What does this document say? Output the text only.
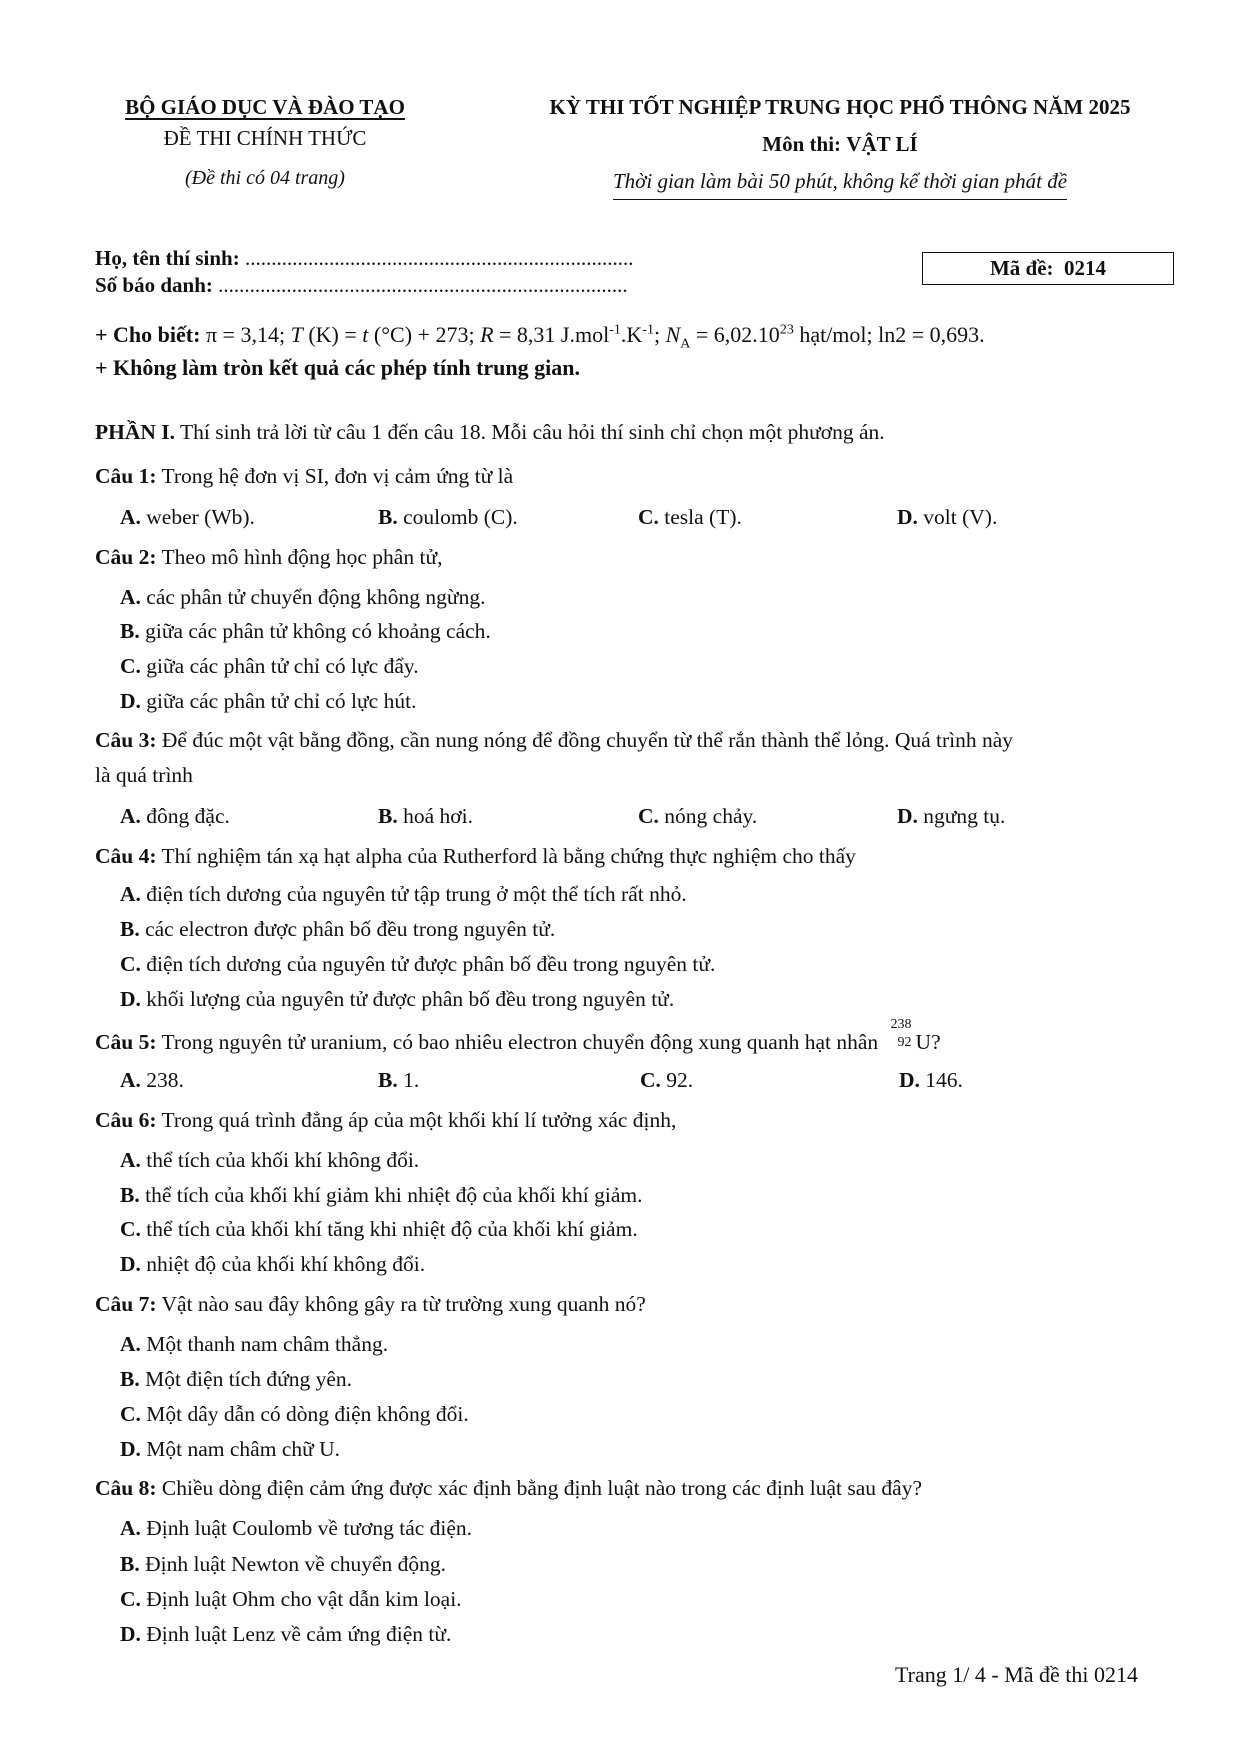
BỘ GIÁO DỤC VÀ ĐÀO TẠO
ĐỀ THI CHÍNH THỨC
(Đề thi có 04 trang)
KỲ THI TỐT NGHIỆP TRUNG HỌC PHỔ THÔNG NĂM 2025
Môn thi: VẬT LÍ
Thời gian làm bài 50 phút, không kể thời gian phát đề
Họ, tên thí sinh: ..........................................................................
Số báo danh: ..............................................................................
Mã đề: 0214
+ Cho biết: π = 3,14; T (K) = t (°C) + 273; R = 8,31 $J.mol^{-1}.K^{-1}$; $N_A = 6,02.10^{23}$ hạt/mol; ln2 = 0,693.
+ Không làm tròn kết quả các phép tính trung gian.
PHẦN I. Thí sinh trả lời từ câu 1 đến câu 18. Mỗi câu hỏi thí sinh chỉ chọn một phương án.
Câu 1: Trong hệ đơn vị SI, đơn vị cảm ứng từ là
A. weber (Wb).	B. coulomb (C).	C. tesla (T).	D. volt (V).
Câu 2: Theo mô hình động học phân tử,
A. các phân tử chuyển động không ngừng.
B. giữa các phân tử không có khoảng cách.
C. giữa các phân tử chỉ có lực đẩy.
D. giữa các phân tử chỉ có lực hút.
Câu 3: Để đúc một vật bằng đồng, cần nung nóng để đồng chuyển từ thể rắn thành thể lỏng. Quá trình này
là quá trình
A. đông đặc.	B. hoá hơi.	C. nóng chảy.	D. ngưng tụ.
Câu 4: Thí nghiệm tán xạ hạt alpha của Rutherford là bằng chứng thực nghiệm cho thấy
A. điện tích dương của nguyên tử tập trung ở một thể tích rất nhỏ.
B. các electron được phân bố đều trong nguyên tử.
C. điện tích dương của nguyên tử được phân bố đều trong nguyên tử.
D. khối lượng của nguyên tử được phân bố đều trong nguyên tử.
Câu 5: Trong nguyên tử uranium, có bao nhiêu electron chuyển động xung quanh hạt nhân
238
92 U?
A. 238.	B. 1.	C. 92.	D. 146.
Câu 6: Trong quá trình đẳng áp của một khối khí lí tưởng xác định,
A. thể tích của khối khí không đổi.
B. thể tích của khối khí giảm khi nhiệt độ của khối khí giảm.
C. thể tích của khối khí tăng khi nhiệt độ của khối khí giảm.
D. nhiệt độ của khối khí không đổi.
Câu 7: Vật nào sau đây không gây ra từ trường xung quanh nó?
A. Một thanh nam châm thẳng.
B. Một điện tích đứng yên.
C. Một dây dẫn có dòng điện không đổi.
D. Một nam châm chữ U.
Câu 8: Chiều dòng điện cảm ứng được xác định bằng định luật nào trong các định luật sau đây?
A. Định luật Coulomb về tương tác điện.
B. Định luật Newton về chuyển động.
C. Định luật Ohm cho vật dẫn kim loại.
D. Định luật Lenz về cảm ứng điện từ.
Trang 1/ 4 - Mã đề thi 0214
